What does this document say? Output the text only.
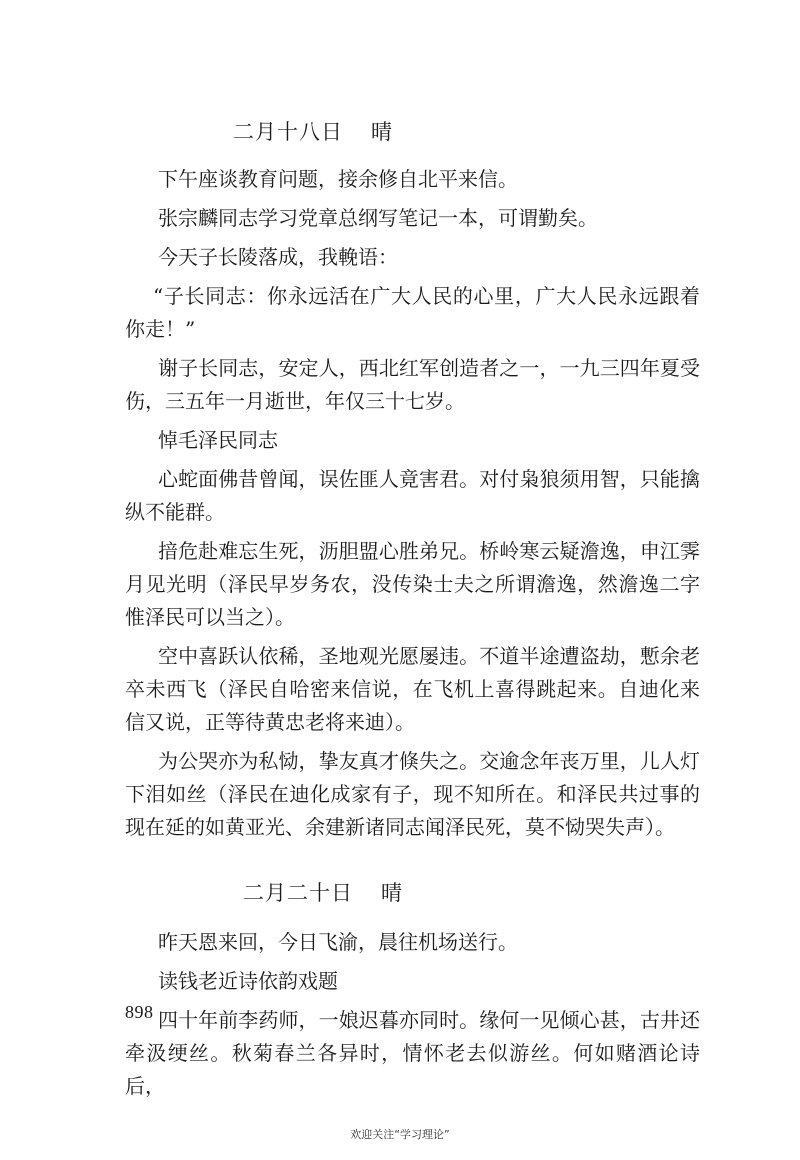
二月十八日 晴

下午座谈教育问题，接余修自北平来信。

张宗麟同志学习党章总纲写笔记一本，可谓勤矣。

今天子长陵落成，我輓语：

“子长同志：你永远活在广大人民的心里，广大人民永远跟着你走！”

谢子长同志，安定人，西北红军创造者之一，一九三四年夏受伤，三五年一月逝世，年仅三十七岁。

悼毛泽民同志

心蛇面佛昔曾闻，误佐匪人竟害君。对付枭狼须用智，只能擒纵不能群。

揞危赴难忘生死，沥胆盟心胜弟兄。桥岭寒云疑澹逸，申江霁月见光明（泽民早岁务农，没传染士夫之所谓澹逸，然澹逸二字惟泽民可以当之）。

空中喜跃认依稀，圣地观光愿屡违。不道半途遭盗劫，慙余老卒未西飞（泽民自哈密来信说，在飞机上喜得跳起来。自迪化来信又说，正等待黄忠老将来迪）。

为公哭亦为私恸，挚友真才倏失之。交逾念年丧万里，儿人灯下泪如丝（泽民在迪化成家有子，现不知所在。和泽民共过事的现在延的如黄亚光、余建新诸同志闻泽民死，莫不恸哭失声）。

二月二十日 晴

昨天恩来回，今日飞渝，晨往机场送行。

读钱老近诗依韵戏题

四十年前李药师，一娘迟暮亦同时。缘何一见倾心甚，古井还牵汲绠丝。秋菊春兰各异时，情怀老去似游丝。何如赌酒论诗后，

898
欢迎关注“学习理论”
